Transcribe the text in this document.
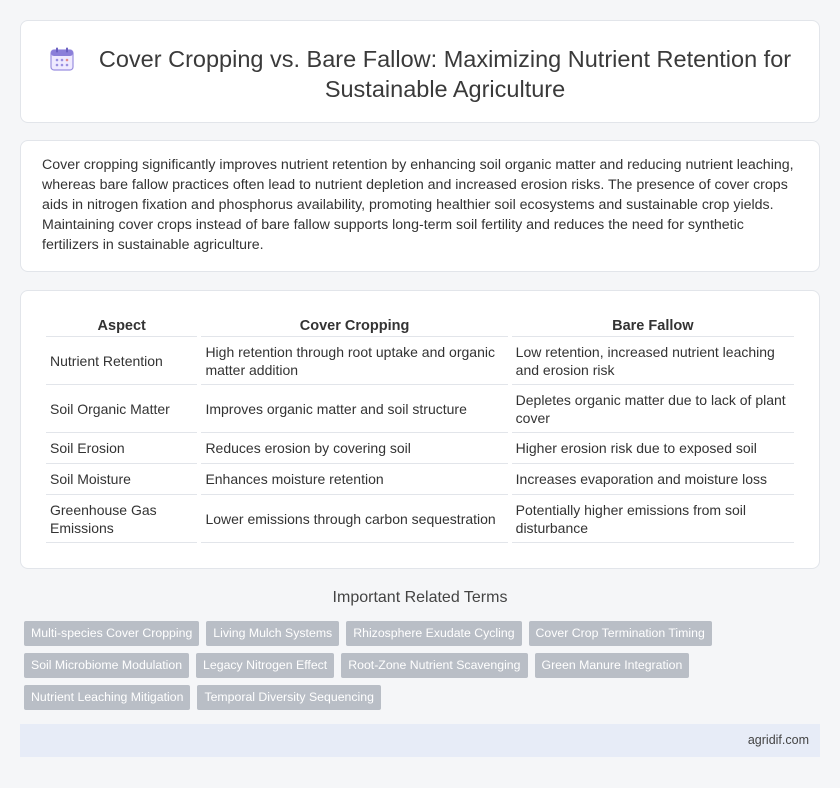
Cover Cropping vs. Bare Fallow: Maximizing Nutrient Retention for Sustainable Agriculture

Cover cropping significantly improves nutrient retention by enhancing soil organic matter and reducing nutrient leaching, whereas bare fallow practices often lead to nutrient depletion and increased erosion risks. The presence of cover crops aids in nitrogen fixation and phosphorus availability, promoting healthier soil ecosystems and sustainable crop yields. Maintaining cover crops instead of bare fallow supports long-term soil fertility and reduces the need for synthetic fertilizers in sustainable agriculture.

Aspect	Cover Cropping	Bare Fallow
Nutrient Retention	High retention through root uptake and organic matter addition	Low retention, increased nutrient leaching and erosion risk
Soil Organic Matter	Improves organic matter and soil structure	Depletes organic matter due to lack of plant cover
Soil Erosion	Reduces erosion by covering soil	Higher erosion risk due to exposed soil
Soil Moisture	Enhances moisture retention	Increases evaporation and moisture loss
Greenhouse Gas Emissions	Lower emissions through carbon sequestration	Potentially higher emissions from soil disturbance
Important Related Terms
Multi-species Cover Cropping	Living Mulch Systems	Rhizosphere Exudate Cycling	Cover Crop Termination Timing
Soil Microbiome Modulation	Legacy Nitrogen Effect	Root-Zone Nutrient Scavenging	Green Manure Integration
Nutrient Leaching Mitigation	Temporal Diversity Sequencing
agridif.com
